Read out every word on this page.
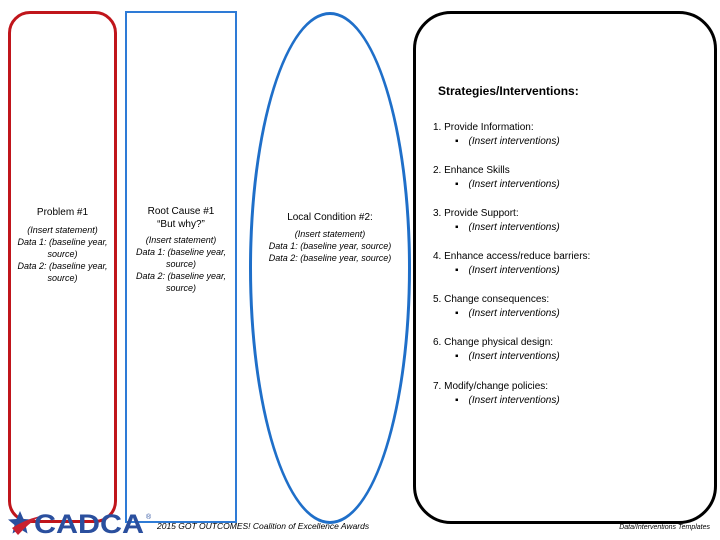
Problem #1
(Insert statement)
Data 1: (baseline year, source)
Data 2: (baseline year, source)
Root Cause #1
“But why?”
(Insert statement)
Data 1: (baseline year, source)
Data 2: (baseline year, source)
Local Condition #2:
(Insert statement)
Data 1: (baseline year, source)
Data 2: (baseline year, source)
Strategies/Interventions:
1. Provide Information:
▪ (Insert interventions)
2. Enhance Skills
▪ (Insert interventions)
3. Provide Support:
▪ (Insert interventions)
4. Enhance access/reduce barriers:
▪ (Insert interventions)
5. Change consequences:
▪ (Insert interventions)
6. Change physical design:
▪ (Insert interventions)
7. Modify/change policies:
▪ (Insert interventions)
CADCA ®
2015 GOT OUTCOMES! Coalition of Excellence Awards	Data/Interventions Templates
